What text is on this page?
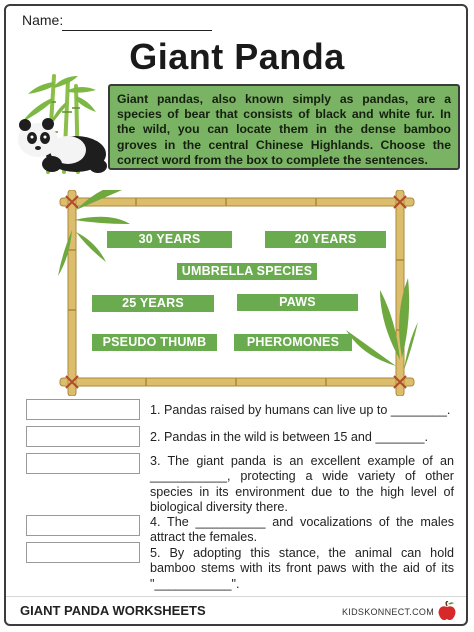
Name:
Giant Panda
Giant pandas, also known simply as pandas, are a species of bear that consists of black and white fur. In the wild, you can locate them in the dense bamboo groves in the central Chinese Highlands. Choose the correct word from the box to complete the sentences.
30 YEARS	20 YEARS
UMBRELLA SPECIES
25 YEARS	PAWS
PSEUDO THUMB	PHEROMONES
1. Pandas raised by humans can live up to ________.
2. Pandas in the wild is between 15 and _______.
3. The giant panda is an excellent example of an ___________, protecting a wide variety of other species in its environment due to the high level of biological diversity there.
4. The __________ and vocalizations of the males attract the females.
5. By adopting this stance, the animal can hold bamboo stems with its front paws with the aid of its "___________".
GIANT PANDA WORKSHEETS	KIDSKONNECT.COM
